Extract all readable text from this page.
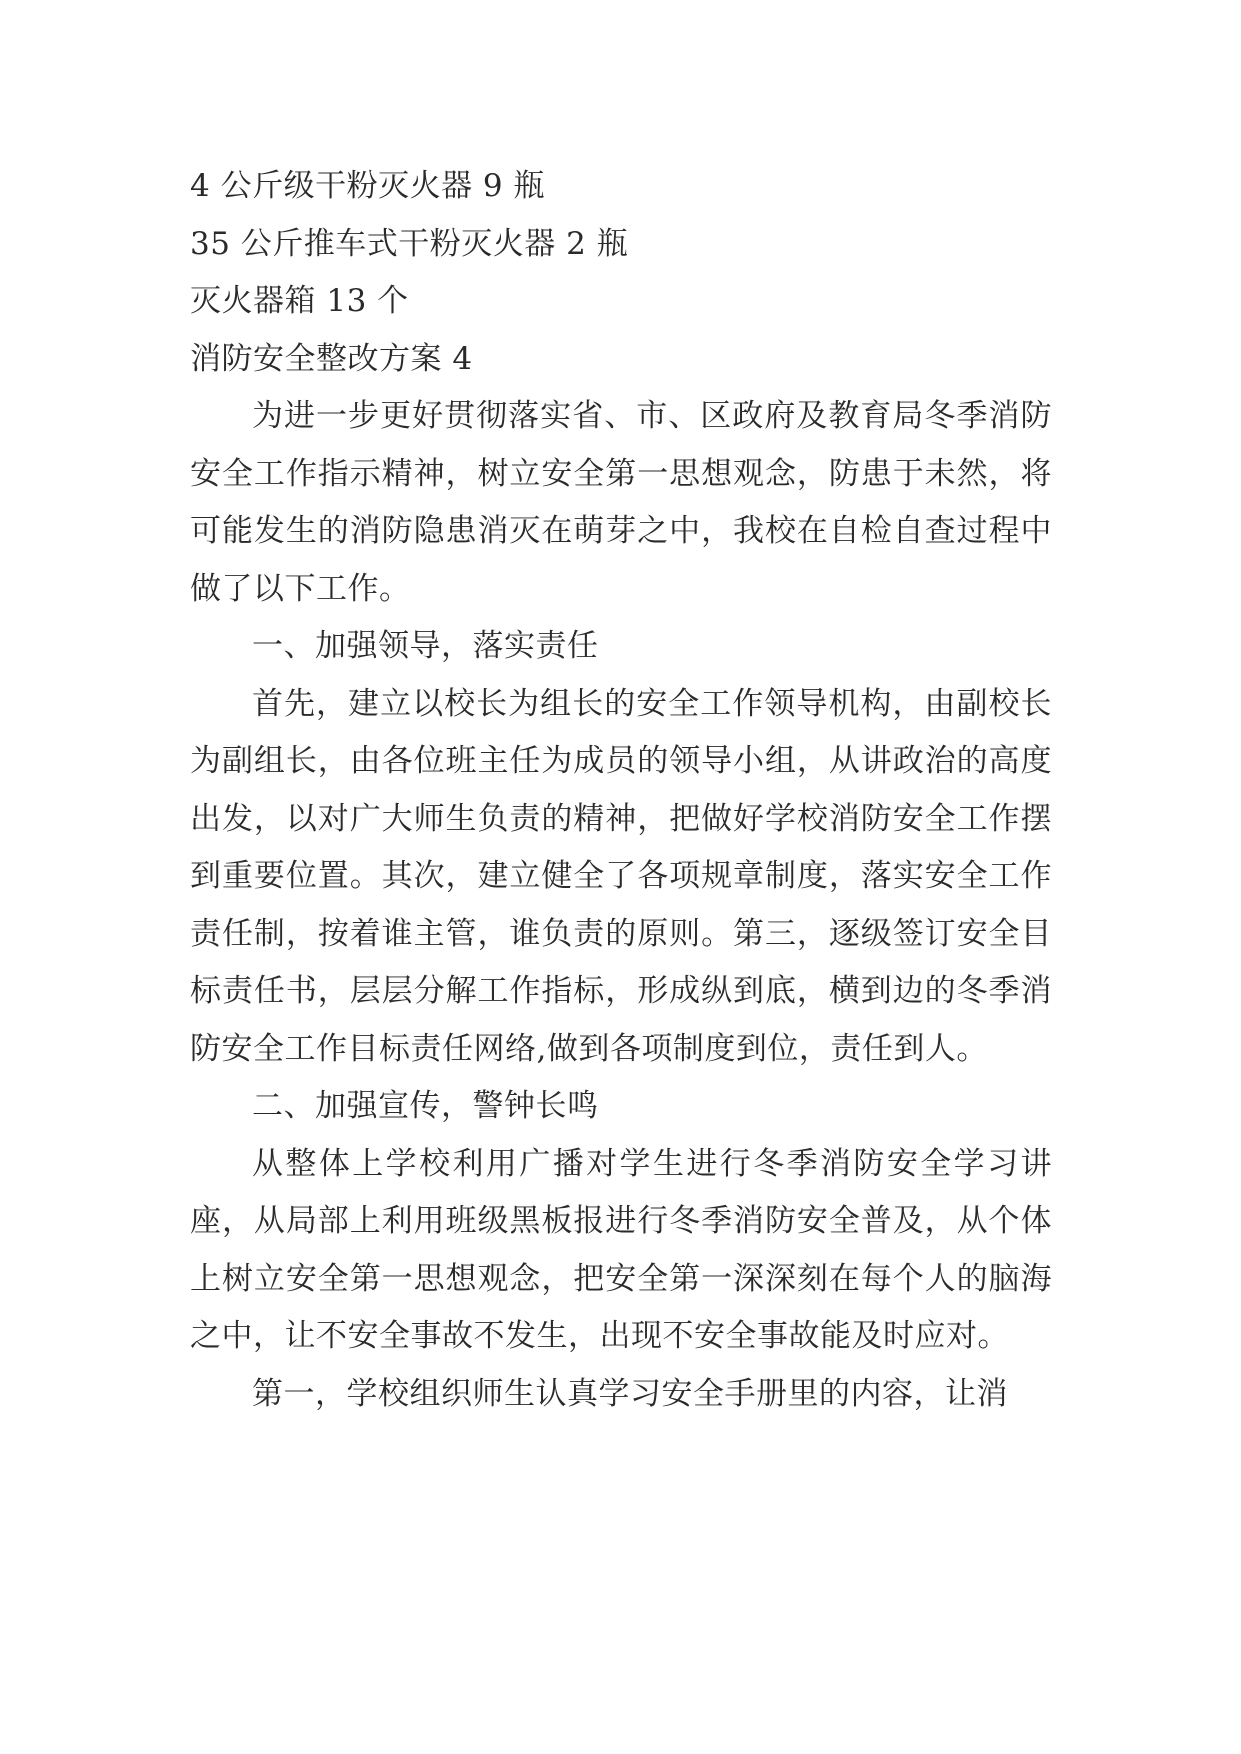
4 公斤级干粉灭火器 9 瓶

35 公斤推车式干粉灭火器 2 瓶

灭火器箱 13 个

消防安全整改方案 4

为进一步更好贯彻落实省、市、区政府及教育局冬季消防安全工作指示精神，树立安全第一思想观念，防患于未然，将可能发生的消防隐患消灭在萌芽之中，我校在自检自查过程中做了以下工作。

一、加强领导，落实责任

首先，建立以校长为组长的安全工作领导机构，由副校长为副组长，由各位班主任为成员的领导小组，从讲政治的高度出发，以对广大师生负责的精神，把做好学校消防安全工作摆到重要位置。其次，建立健全了各项规章制度，落实安全工作责任制，按着谁主管，谁负责的原则。第三，逐级签订安全目标责任书，层层分解工作指标，形成纵到底，横到边的冬季消防安全工作目标责任网络,做到各项制度到位，责任到人。

二、加强宣传，警钟长鸣

从整体上学校利用广播对学生进行冬季消防安全学习讲座，从局部上利用班级黑板报进行冬季消防安全普及，从个体上树立安全第一思想观念，把安全第一深深刻在每个人的脑海之中，让不安全事故不发生，出现不安全事故能及时应对。

第一，学校组织师生认真学习安全手册里的内容，让消
